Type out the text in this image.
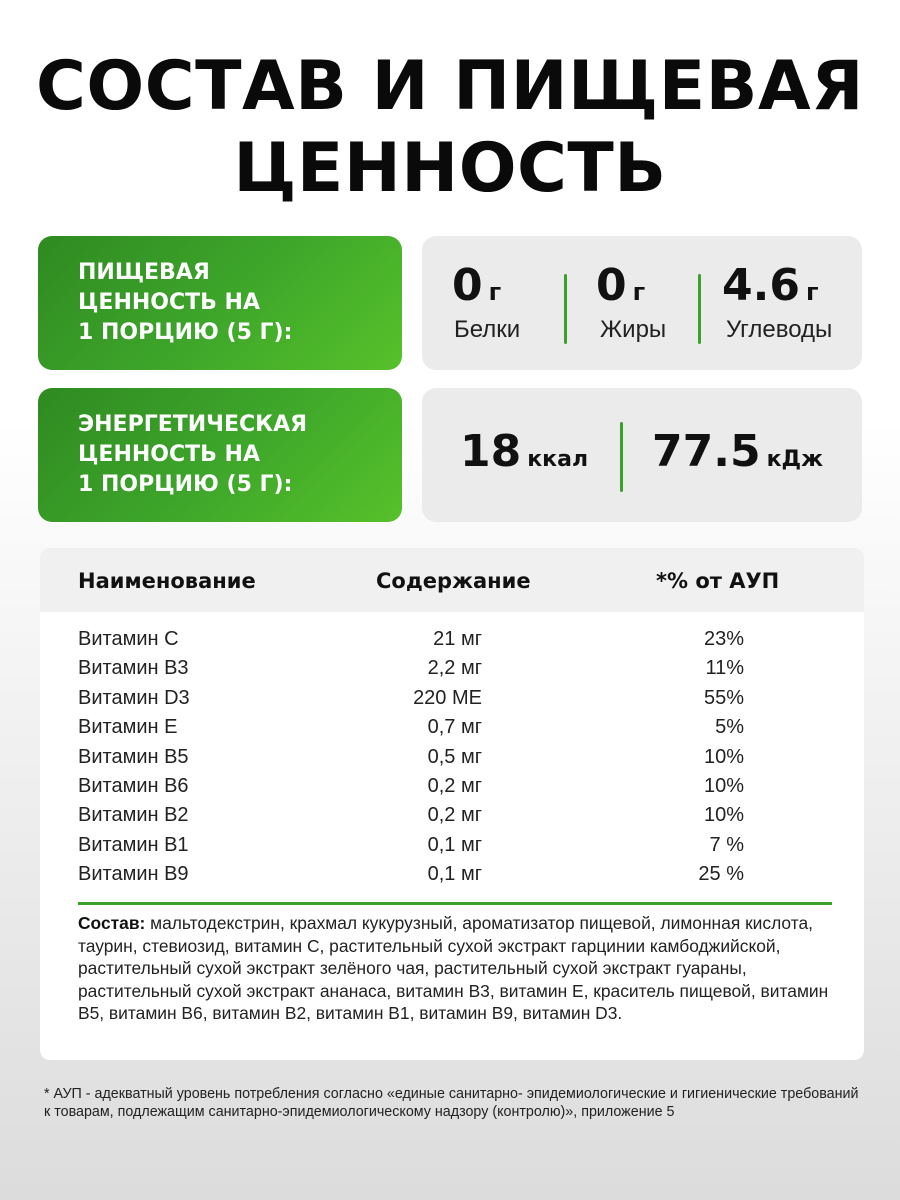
СОСТАВ И ПИЩЕВАЯ
ЦЕННОСТЬ
ПИЩЕВАЯ
ЦЕННОСТЬ НА
1 ПОРЦИЮ (5 Г):
0 г
Белки
0 г
Жиры
4.6 г
Углеводы
ЭНЕРГЕТИЧЕСКАЯ
ЦЕННОСТЬ НА
1 ПОРЦИЮ (5 Г):
18 ккал 77.5 кДж
Наименование	Содержание	*% от АУП
Витамин С	21 мг	23%
Витамин В3	2,2 мг	11%
Витамин D3	220 МЕ	55%
Витамин Е	0,7 мг	5%
Витамин В5	0,5 мг	10%
Витамин В6	0,2 мг	10%
Витамин В2	0,2 мг	10%
Витамин В1	0,1 мг	7 %
Витамин В9	0,1 мг	25 %
Состав: мальтодекстрин, крахмал кукурузный, ароматизатор пищевой, лимонная кислота, таурин, стевиозид, витамин С, растительный сухой экстракт гарцинии камбоджийской, растительный сухой экстракт зелёного чая, растительный сухой экстракт гуараны, растительный сухой экстракт ананаса, витамин В3, витамин Е, краситель пищевой, витамин В5, витамин В6, витамин В2, витамин В1, витамин В9, витамин D3.
* АУП - адекватный уровень потребления согласно «единые санитарно- эпидемиологические и гигиенические требований к товарам, подлежащим санитарно-эпидемиологическому надзору (контролю)», приложение 5
